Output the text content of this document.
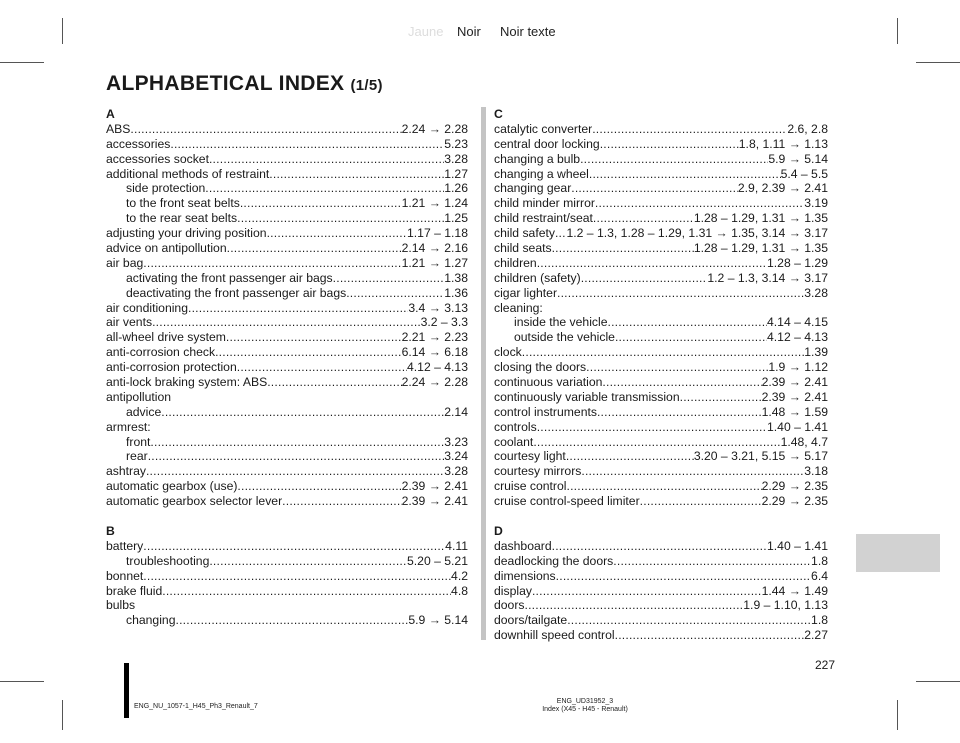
Jaune Noir Noir texte
ALPHABETICAL INDEX (1/5)
A
ABS .....	2.24 → 2.28
accessories .....	5.23
accessories socket .....	3.28
additional methods of restraint .....	1.27
side protection .....	1.26
to the front seat belts .....	1.21 → 1.24
to the rear seat belts .....	1.25
adjusting your driving position .....	1.17 – 1.18
advice on antipollution .....	2.14 → 2.16
air bag .....	1.21 → 1.27
activating the front passenger air bags .....	1.38
deactivating the front passenger air bags .....	1.36
air conditioning .....	3.4 → 3.13
air vents .....	3.2 – 3.3
all-wheel drive system .....	2.21 → 2.23
anti-corrosion check .....	6.14 → 6.18
anti-corrosion protection .....	4.12 – 4.13
anti-lock braking system: ABS .....	2.24 → 2.28
antipollution
advice .....	2.14
armrest:
front .....	3.23
rear .....	3.24
ashtray .....	3.28
automatic gearbox (use) .....	2.39 → 2.41
automatic gearbox selector lever .....	2.39 → 2.41
B
battery .....	4.11
troubleshooting .....	5.20 – 5.21
bonnet .....	4.2
brake fluid .....	4.8
bulbs
changing .....	5.9 → 5.14
C
catalytic converter .....	2.6, 2.8
central door locking .....	1.8, 1.11 → 1.13
changing a bulb .....	5.9 → 5.14
changing a wheel .....	5.4 – 5.5
changing gear .....	2.9, 2.39 → 2.41
child minder mirror .....	3.19
child restraint/seat .....	1.28 – 1.29, 1.31 → 1.35
child safety ..... 1.2 – 1.3, 1.28 – 1.29, 1.31 → 1.35, 3.14 → 3.17
child seats .....	1.28 – 1.29, 1.31 → 1.35
children .....	1.28 – 1.29
children (safety) .....	1.2 – 1.3, 3.14 → 3.17
cigar lighter .....	3.28
cleaning:
inside the vehicle .....	4.14 – 4.15
outside the vehicle .....	4.12 – 4.13
clock .....	1.39
closing the doors .....	1.9 → 1.12
continuous variation .....	2.39 → 2.41
continuously variable transmission .....	2.39 → 2.41
control instruments .....	1.48 → 1.59
controls .....	1.40 – 1.41
coolant .....	1.48, 4.7
courtesy light .....	3.20 – 3.21, 5.15 → 5.17
courtesy mirrors .....	3.18
cruise control .....	2.29 → 2.35
cruise control-speed limiter .....	2.29 → 2.35
D
dashboard .....	1.40 – 1.41
deadlocking the doors .....	1.8
dimensions .....	6.4
display .....	1.44 → 1.49
doors .....	1.9 – 1.10, 1.13
doors/tailgate .....	1.8
downhill speed control .....	2.27
227
ENG_NU_1057-1_H45_Ph3_Renault_7
ENG_UD31952_3
Index (X45 - H45 - Renault)
